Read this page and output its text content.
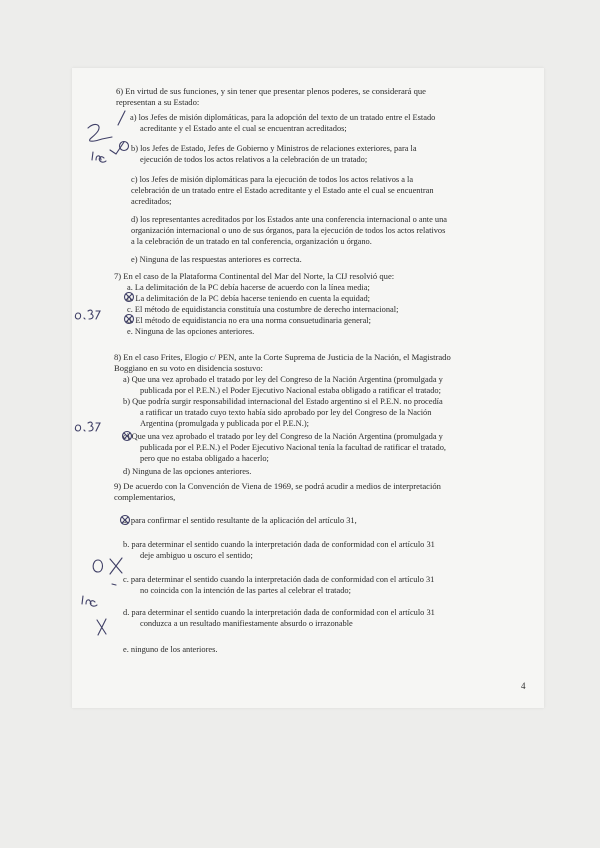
6) En virtud de sus funciones, y sin tener que presentar plenos poderes, se considerará que
representan a su Estado:
a) los Jefes de misión diplomáticas, para la adopción del texto de un tratado entre el Estado
acreditante y el Estado ante el cual se encuentran acreditados;
b) los Jefes de Estado, Jefes de Gobierno y Ministros de relaciones exteriores, para la
ejecución de todos los actos relativos a la celebración de un tratado;
c) los Jefes de misión diplomáticas para la ejecución de todos los actos relativos a la
celebración de un tratado entre el Estado acreditante y el Estado ante el cual se encuentran
acreditados;
d) los representantes acreditados por los Estados ante una conferencia internacional o ante una
organización internacional o uno de sus órganos, para la ejecución de todos los actos relativos
a la celebración de un tratado en tal conferencia, organización u órgano.
e) Ninguna de las respuestas anteriores es correcta.
7) En el caso de la Plataforma Continental del Mar del Norte, la CIJ resolvió que:
a. La delimitación de la PC debía hacerse de acuerdo con la línea media;
b. La delimitación de la PC debía hacerse teniendo en cuenta la equidad;
c. El método de equidistancia constituía una costumbre de derecho internacional;
d. El método de equidistancia no era una norma consuetudinaria general;
e. Ninguna de las opciones anteriores.
8) En el caso Frites, Elogio c/ PEN, ante la Corte Suprema de Justicia de la Nación, el Magistrado
Boggiano en su voto en disidencia sostuvo:
a) Que una vez aprobado el tratado por ley del Congreso de la Nación Argentina (promulgada y
publicada por el P.E.N.) el Poder Ejecutivo Nacional estaba obligado a ratificar el tratado;
b) Que podría surgir responsabilidad internacional del Estado argentino si el P.E.N. no procedía
a ratificar un tratado cuyo texto había sido aprobado por ley del Congreso de la Nación
Argentina (promulgada y publicada por el P.E.N.);
c) Que una vez aprobado el tratado por ley del Congreso de la Nación Argentina (promulgada y
publicada por el P.E.N.) el Poder Ejecutivo Nacional tenía la facultad de ratificar el tratado,
pero que no estaba obligado a hacerlo;
d) Ninguna de las opciones anteriores.
9) De acuerdo con la Convención de Viena de 1969, se podrá acudir a medios de interpretación
complementarios,
a. para confirmar el sentido resultante de la aplicación del artículo 31,
b. para determinar el sentido cuando la interpretación dada de conformidad con el artículo 31
deje ambiguo u oscuro el sentido;
c. para determinar el sentido cuando la interpretación dada de conformidad con el artículo 31
no coincida con la intención de las partes al celebrar el tratado;
d. para determinar el sentido cuando la interpretación dada de conformidad con el artículo 31
conduzca a un resultado manifiestamente absurdo o irrazonable
e. ninguno de los anteriores.
4
